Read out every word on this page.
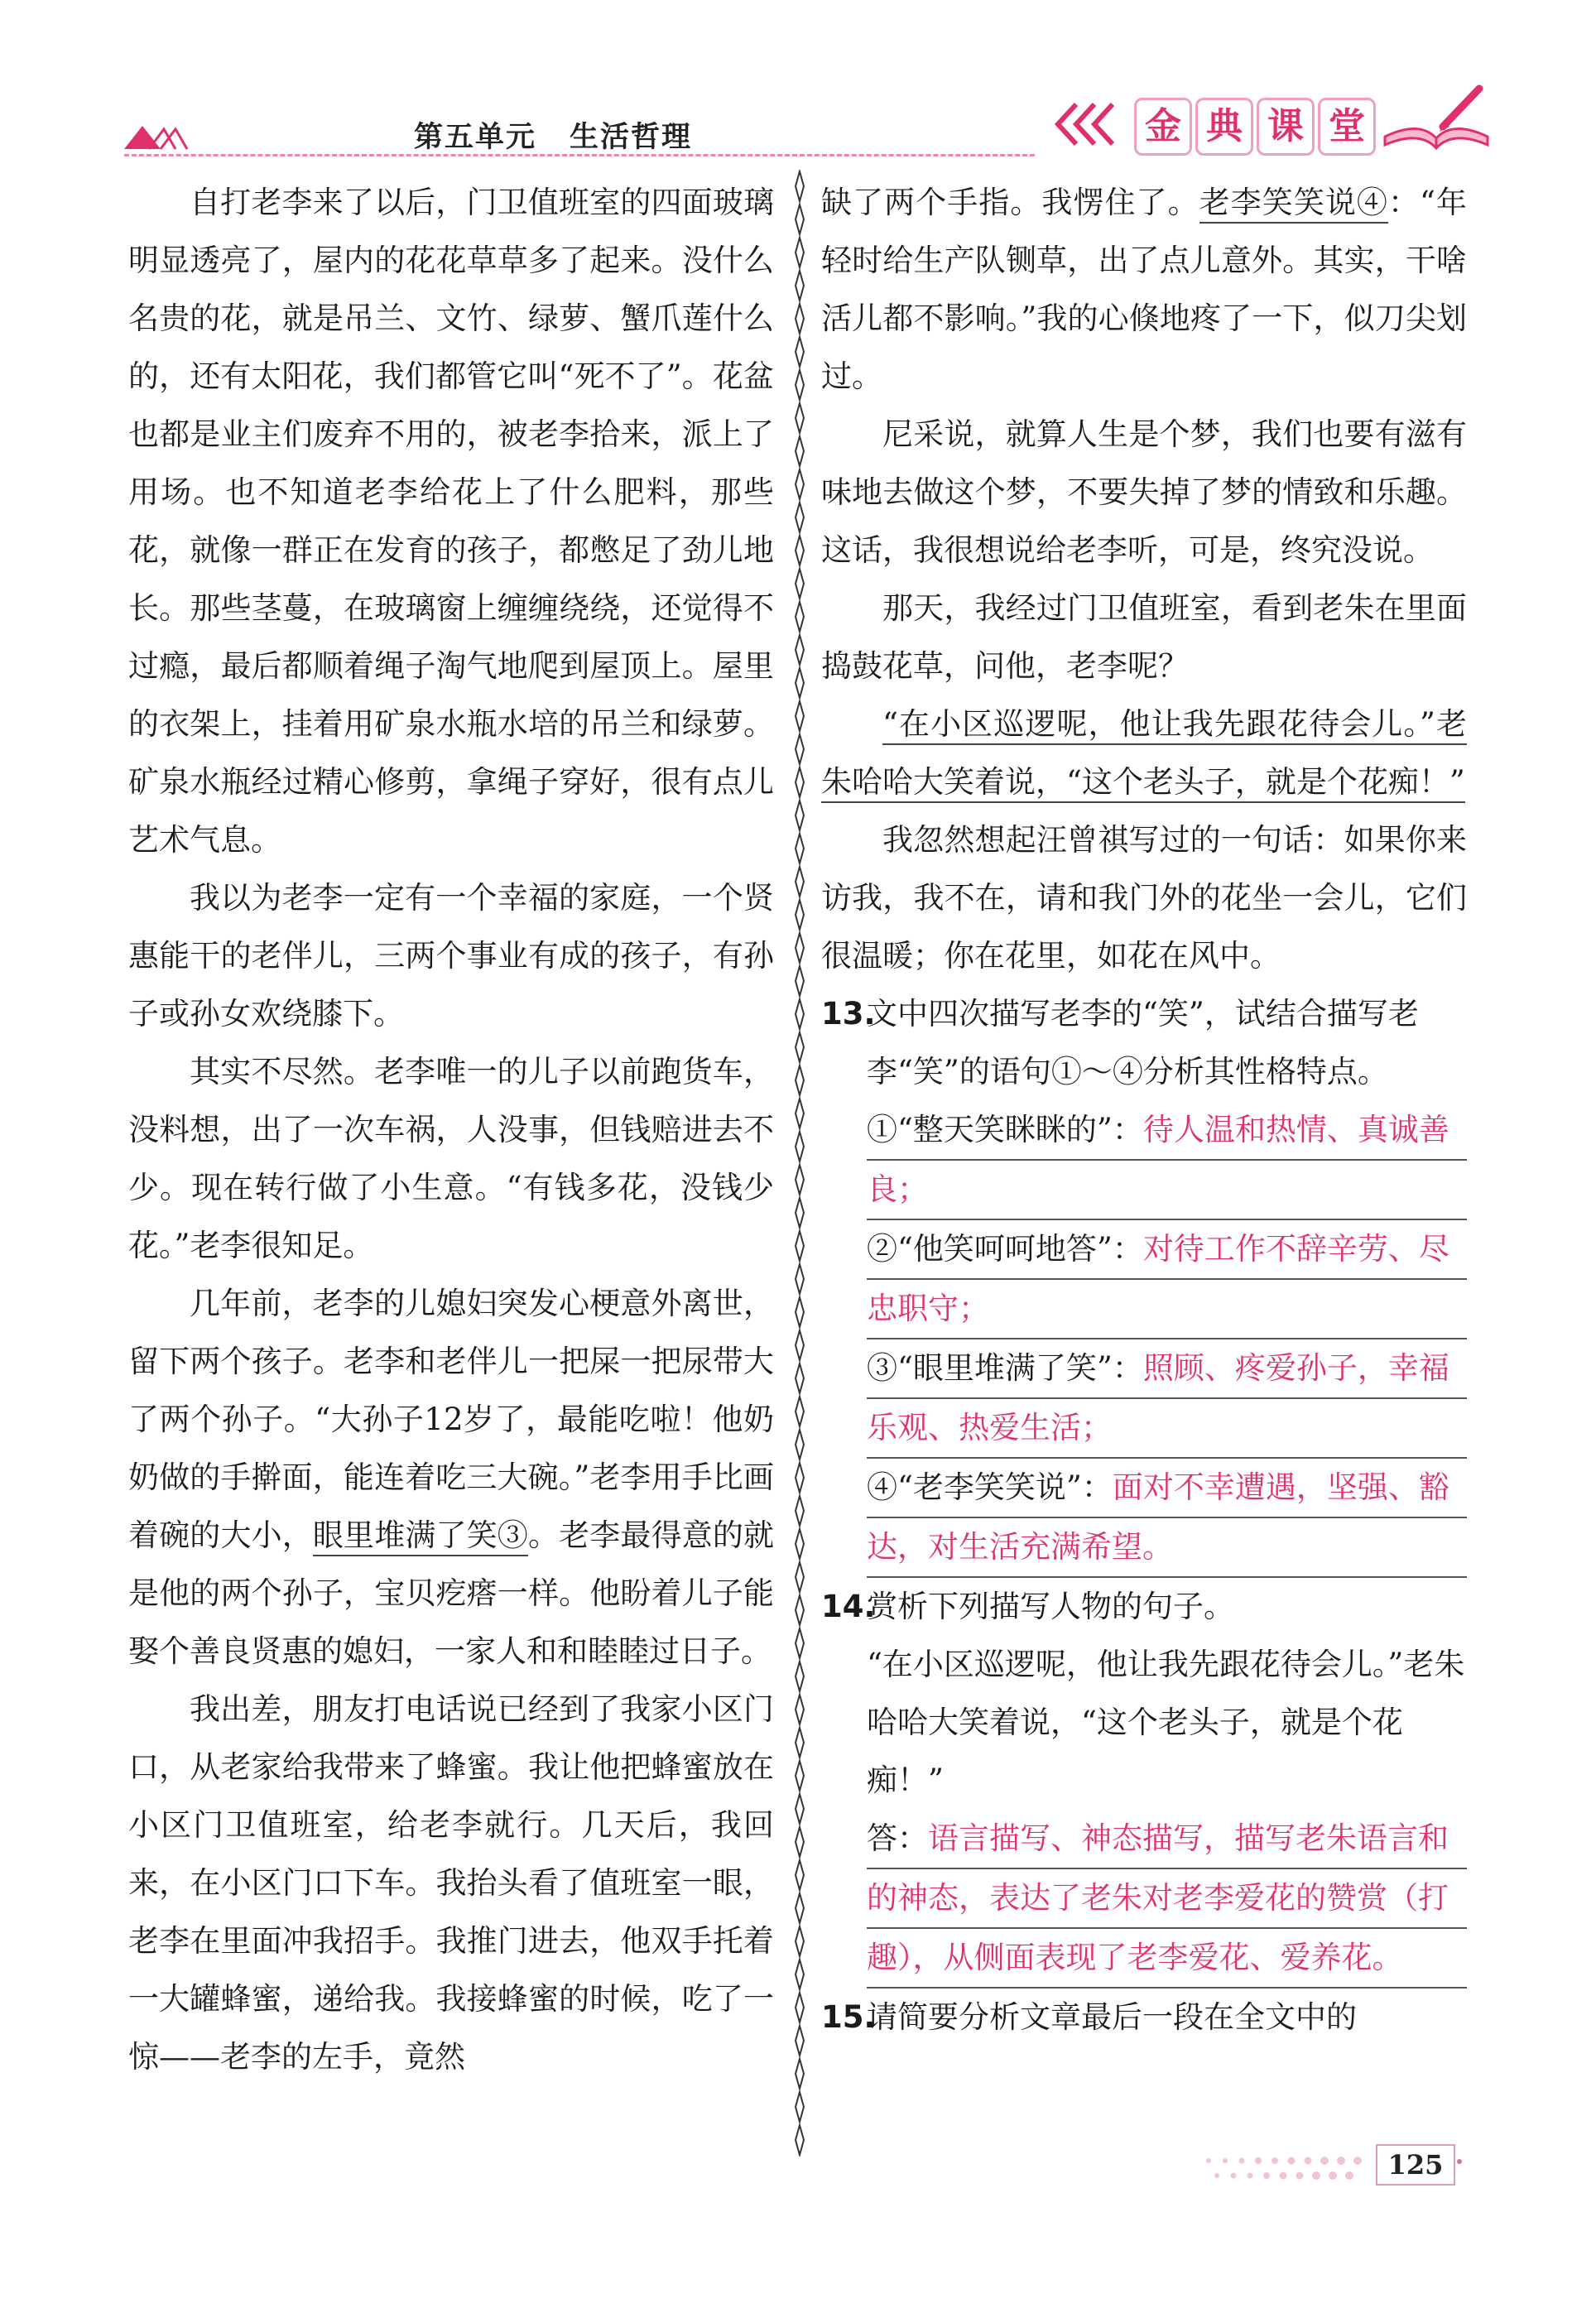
第五单元 生活哲理	金 典 课 堂

自打老李来了以后，门卫值班室的四面玻璃明显透亮了，屋内的花花草草多了起来。没什么名贵的花，就是吊兰、文竹、绿萝、蟹爪莲什么的，还有太阳花，我们都管它叫“死不了”。花盆也都是业主们废弃不用的，被老李拾来，派上了用场。也不知道老李给花上了什么肥料，那些花，就像一群正在发育的孩子，都憋足了劲儿地长。那些茎蔓，在玻璃窗上缠缠绕绕，还觉得不过瘾，最后都顺着绳子淘气地爬到屋顶上。屋里的衣架上，挂着用矿泉水瓶水培的吊兰和绿萝。矿泉水瓶经过精心修剪，拿绳子穿好，很有点儿艺术气息。

我以为老李一定有一个幸福的家庭，一个贤惠能干的老伴儿，三两个事业有成的孩子，有孙子或孙女欢绕膝下。

其实不尽然。老李唯一的儿子以前跑货车，没料想，出了一次车祸，人没事，但钱赔进去不少。现在转行做了小生意。“有钱多花，没钱少花。”老李很知足。

几年前，老李的儿媳妇突发心梗意外离世，留下两个孩子。老李和老伴儿一把屎一把尿带大了两个孙子。“大孙子12岁了，最能吃啦！他奶奶做的手擀面，能连着吃三大碗。”老李用手比画着碗的大小，眼里堆满了笑③。老李最得意的就是他的两个孙子，宝贝疙瘩一样。他盼着儿子能娶个善良贤惠的媳妇，一家人和和睦睦过日子。

我出差，朋友打电话说已经到了我家小区门口，从老家给我带来了蜂蜜。我让他把蜂蜜放在小区门卫值班室，给老李就行。几天后，我回来，在小区门口下车。我抬头看了值班室一眼，老李在里面冲我招手。我推门进去，他双手托着一大罐蜂蜜，递给我。我接蜂蜜的时候，吃了一惊——老李的左手，竟然

缺了两个手指。我愣住了。老李笑笑说④：“年轻时给生产队铡草，出了点儿意外。其实，干啥活儿都不影响。”我的心倏地疼了一下，似刀尖划过。

尼采说，就算人生是个梦，我们也要有滋有味地去做这个梦，不要失掉了梦的情致和乐趣。这话，我很想说给老李听，可是，终究没说。

那天，我经过门卫值班室，看到老朱在里面捣鼓花草，问他，老李呢？

“在小区巡逻呢，他让我先跟花待会儿。”老朱哈哈大笑着说，“这个老头子，就是个花痴！”

我忽然想起汪曾祺写过的一句话：如果你来访我，我不在，请和我门外的花坐一会儿，它们很温暖；你在花里，如花在风中。

13.
文中四次描写老李的“笑”，试结合描写老李“笑”的语句①～④分析其性格特点。

①“整天笑眯眯的”：待人温和热情、真诚善
良；
②“他笑呵呵地答”：对待工作不辞辛劳、尽
忠职守；
③“眼里堆满了笑”：照顾、疼爱孙子，幸福
乐观、热爱生活；
④“老李笑笑说”：面对不幸遭遇，坚强、豁
达，对生活充满希望。

14.
赏析下列描写人物的句子。

“在小区巡逻呢，他让我先跟花待会儿。”老朱哈哈大笑着说，“这个老头子，就是个花痴！”

答：语言描写、神态描写，描写老朱语言和
的神态，表达了老朱对老李爱花的赞赏（打
趣），从侧面表现了老李爱花、爱养花。

15.
请简要分析文章最后一段在全文中的

125
